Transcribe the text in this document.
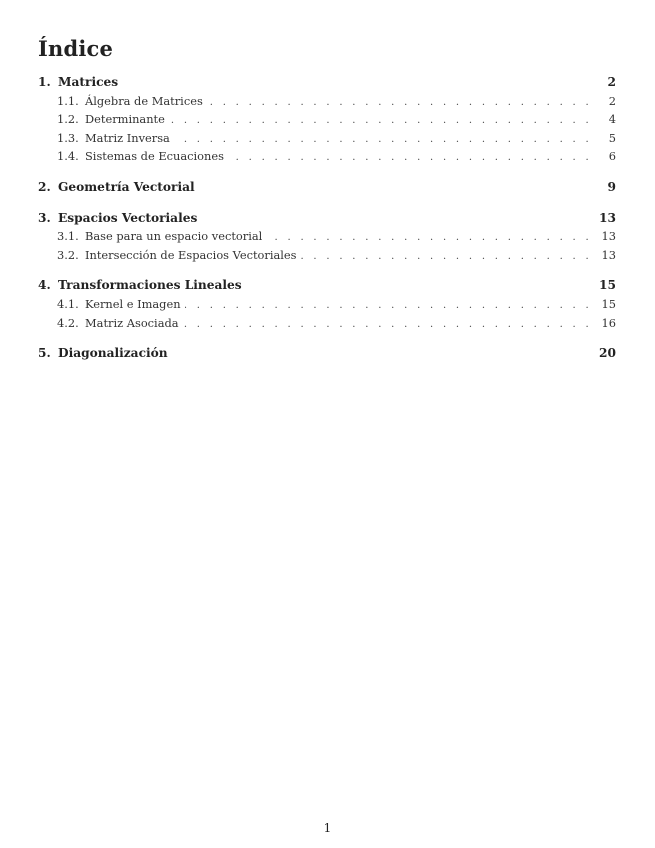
Índice
1. Matrices	2
1.1. Álgebra de Matrices . . .	2
1.2. Determinante . . .	4
1.3. Matriz Inversa . . .	5
1.4. Sistemas de Ecuaciones . . .	6
2. Geometría Vectorial	9
3. Espacios Vectoriales	13
3.1. Base para un espacio vectorial . . .	13
3.2. Intersección de Espacios Vectoriales . . .	13
4. Transformaciones Lineales	15
4.1. Kernel e Imagen . . .	15
4.2. Matriz Asociada . . .	16
5. Diagonalización	20
1
